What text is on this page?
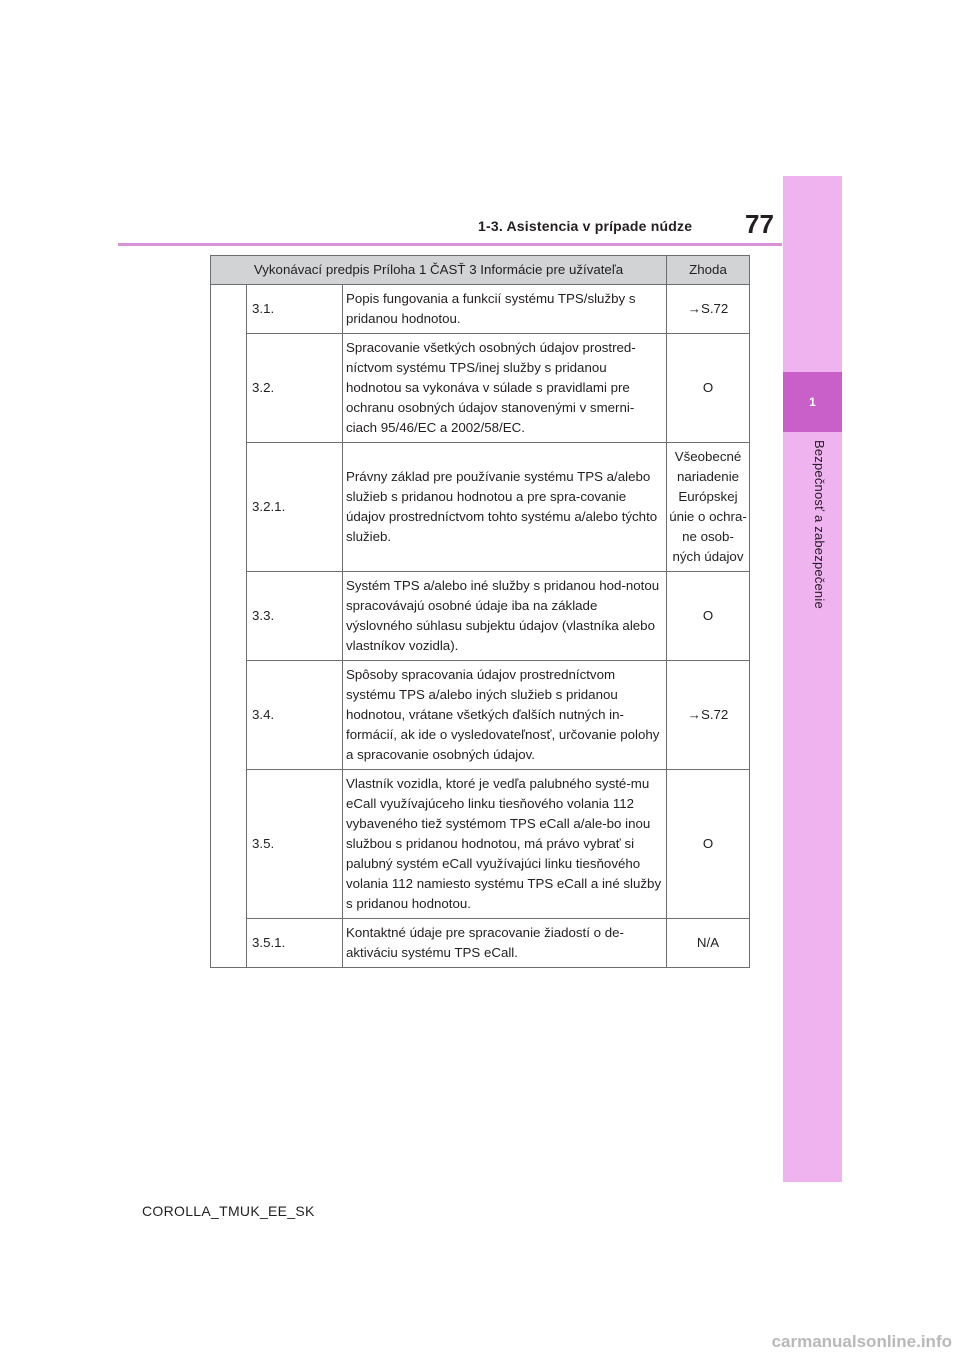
1-3. Asistencia v prípade núdze 77
1
Bezpečnosť a zabezpečenie
Vykonávací predpis Príloha 1 ČASŤ 3 Informácie pre užívateľa			Zhoda
	3.1.	Popis fungovania a funkcií systému TPS/služby s pridanou hodnotou.	→S.72
	3.2.	Spracovanie všetkých osobných údajov prostred-níctvom systému TPS/inej služby s pridanou hodnotou sa vykonáva v súlade s pravidlami pre ochranu osobných údajov stanovenými v smerni-ciach 95/46/EC a 2002/58/EC.	O
	3.2.1.	Právny základ pre používanie systému TPS a/alebo služieb s pridanou hodnotou a pre spra-covanie údajov prostredníctvom tohto systému a/alebo týchto služieb.	Všeobecné nariadenie Európskej únie o ochra-ne osob-ných údajov
	3.3.	Systém TPS a/alebo iné služby s pridanou hod-notou spracovávajú osobné údaje iba na základe výslovného súhlasu subjektu údajov (vlastníka alebo vlastníkov vozidla).	O
	3.4.	Spôsoby spracovania údajov prostredníctvom systému TPS a/alebo iných služieb s pridanou hodnotou, vrátane všetkých ďalších nutných in-formácií, ak ide o vysledovateľnosť, určovanie polohy a spracovanie osobných údajov.	→S.72
	3.5.	Vlastník vozidla, ktoré je vedľa palubného systé-mu eCall využívajúceho linku tiesňového volania 112 vybaveného tiež systémom TPS eCall a/ale-bo inou službou s pridanou hodnotou, má právo vybrať si palubný systém eCall využívajúci linku tiesňového volania 112 namiesto systému TPS eCall a iné služby s pridanou hodnotou.	O
	3.5.1.	Kontaktné údaje pre spracovanie žiadostí o de-aktiváciu systému TPS eCall.	N/A
COROLLA_TMUK_EE_SK
carmanualsonline.info
